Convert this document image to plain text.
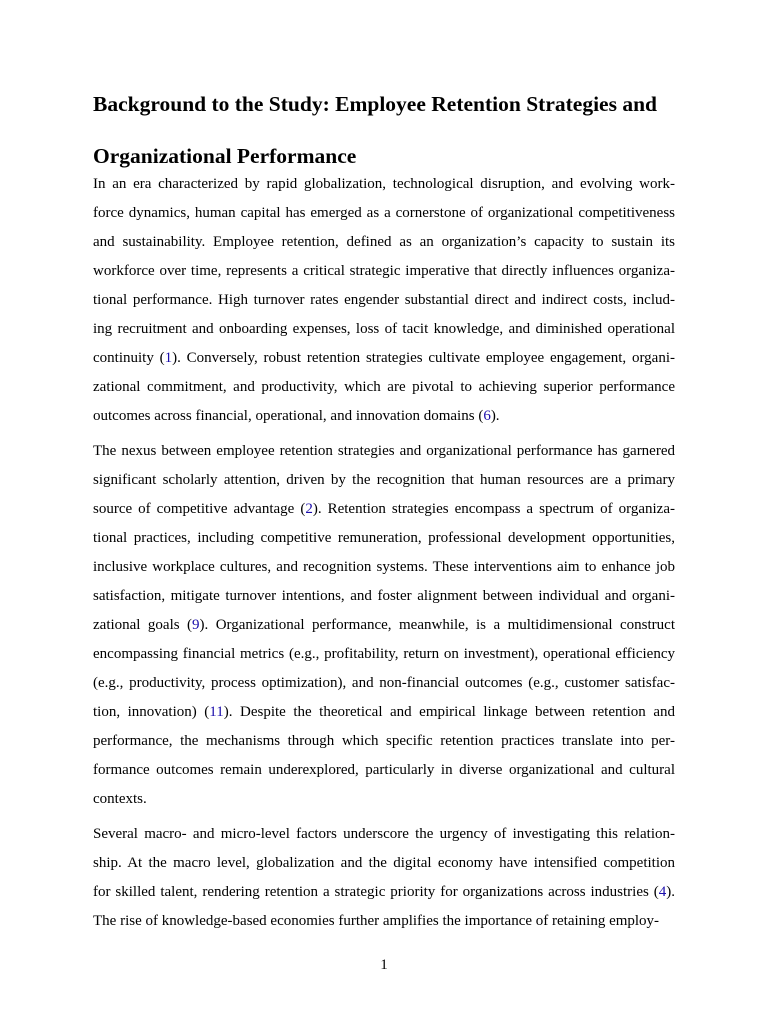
Background to the Study: Employee Retention Strategies and
Organizational Performance
In an era characterized by rapid globalization, technological disruption, and evolving work-
force dynamics, human capital has emerged as a cornerstone of organizational competitiveness
and sustainability. Employee retention, defined as an organization’s capacity to sustain its
workforce over time, represents a critical strategic imperative that directly influences organiza-
tional performance. High turnover rates engender substantial direct and indirect costs, includ-
ing recruitment and onboarding expenses, loss of tacit knowledge, and diminished operational
continuity (1). Conversely, robust retention strategies cultivate employee engagement, organi-
zational commitment, and productivity, which are pivotal to achieving superior performance
outcomes across financial, operational, and innovation domains (6).
The nexus between employee retention strategies and organizational performance has garnered
significant scholarly attention, driven by the recognition that human resources are a primary
source of competitive advantage (2). Retention strategies encompass a spectrum of organiza-
tional practices, including competitive remuneration, professional development opportunities,
inclusive workplace cultures, and recognition systems. These interventions aim to enhance job
satisfaction, mitigate turnover intentions, and foster alignment between individual and organi-
zational goals (9). Organizational performance, meanwhile, is a multidimensional construct
encompassing financial metrics (e.g., profitability, return on investment), operational efficiency
(e.g., productivity, process optimization), and non-financial outcomes (e.g., customer satisfac-
tion, innovation) (11). Despite the theoretical and empirical linkage between retention and
performance, the mechanisms through which specific retention practices translate into per-
formance outcomes remain underexplored, particularly in diverse organizational and cultural
contexts.
Several macro- and micro-level factors underscore the urgency of investigating this relation-
ship. At the macro level, globalization and the digital economy have intensified competition
for skilled talent, rendering retention a strategic priority for organizations across industries (4).
The rise of knowledge-based economies further amplifies the importance of retaining employ-

1
